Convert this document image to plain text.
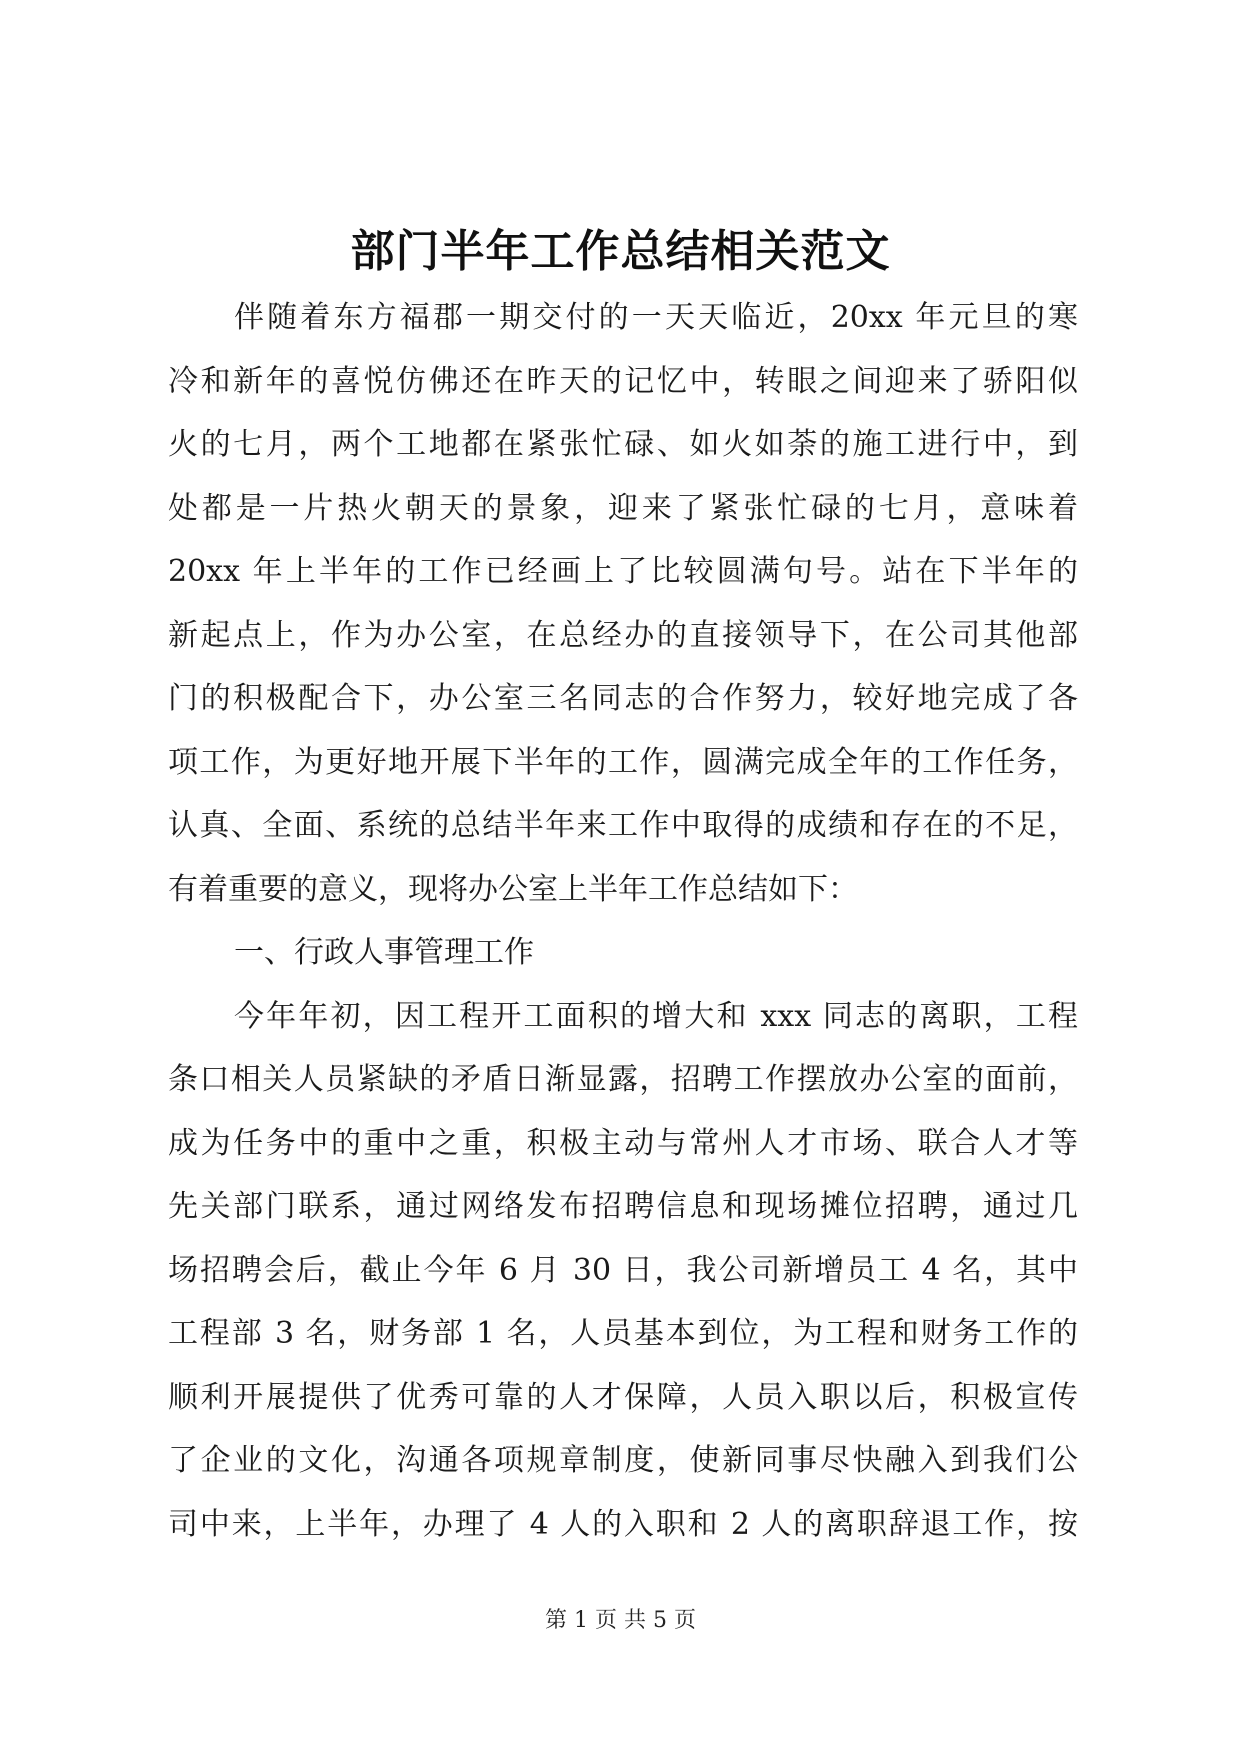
部门半年工作总结相关范文
伴随着东方福郡一期交付的一天天临近，20xx 年元旦的寒
冷和新年的喜悦仿佛还在昨天的记忆中，转眼之间迎来了骄阳似
火的七月，两个工地都在紧张忙碌、如火如荼的施工进行中，到
处都是一片热火朝天的景象，迎来了紧张忙碌的七月，意味着
20xx 年上半年的工作已经画上了比较圆满句号。站在下半年的
新起点上，作为办公室，在总经办的直接领导下，在公司其他部
门的积极配合下，办公室三名同志的合作努力，较好地完成了各
项工作，为更好地开展下半年的工作，圆满完成全年的工作任务，
认真、全面、系统的总结半年来工作中取得的成绩和存在的不足，
有着重要的意义，现将办公室上半年工作总结如下：
一、行政人事管理工作
今年年初，因工程开工面积的增大和 xxx 同志的离职，工程
条口相关人员紧缺的矛盾日渐显露，招聘工作摆放办公室的面前，
成为任务中的重中之重，积极主动与常州人才市场、联合人才等
先关部门联系，通过网络发布招聘信息和现场摊位招聘，通过几
场招聘会后，截止今年 6 月 30 日，我公司新增员工 4 名，其中
工程部 3 名，财务部 1 名，人员基本到位，为工程和财务工作的
顺利开展提供了优秀可靠的人才保障，人员入职以后，积极宣传
了企业的文化，沟通各项规章制度，使新同事尽快融入到我们公
司中来，上半年，办理了 4 人的入职和 2 人的离职辞退工作，按
第 1 页 共 5 页
